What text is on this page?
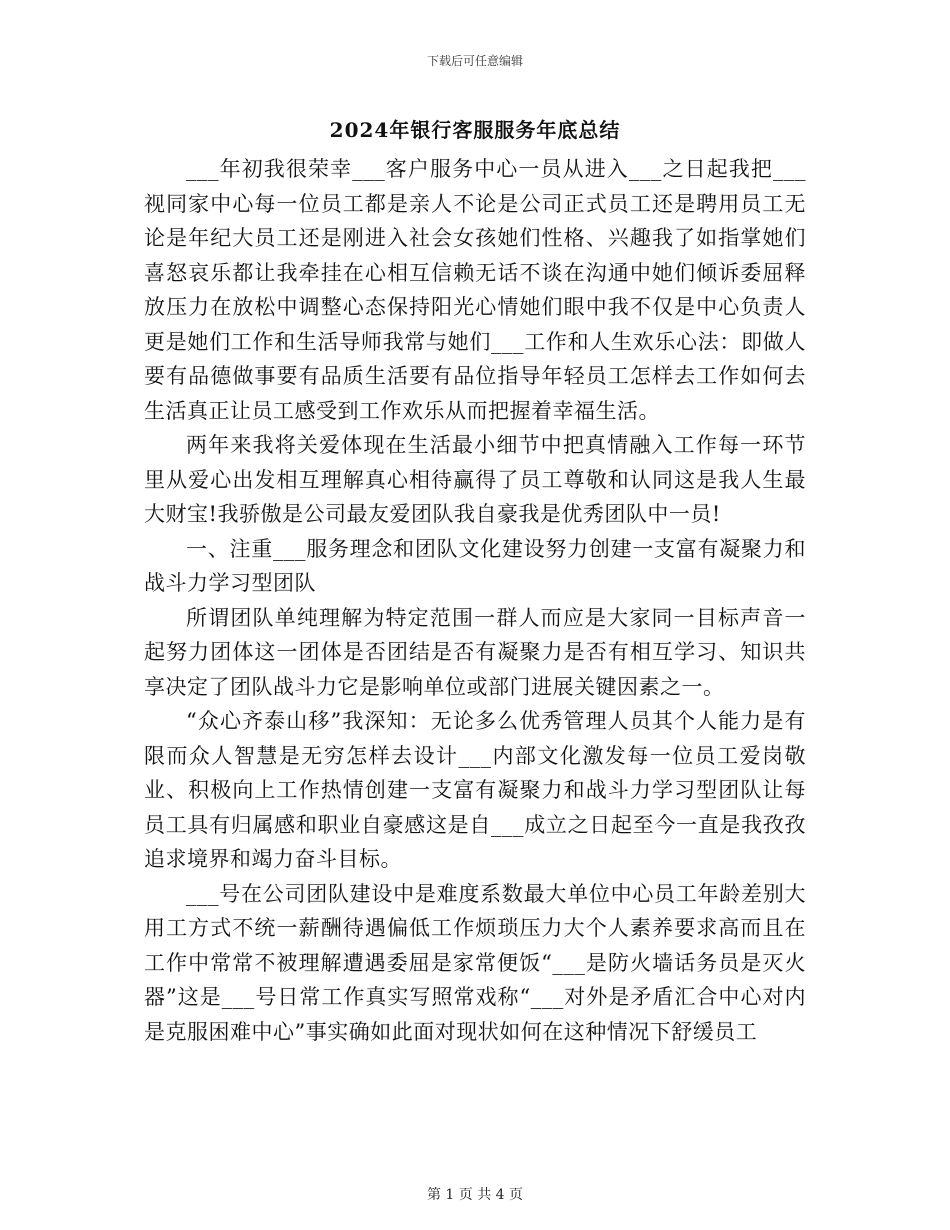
下载后可任意编辑
2024年银行客服服务年底总结

___年初我很荣幸___客户服务中心一员从进入___之日起我把___视同家中心每一位员工都是亲人不论是公司正式员工还是聘用员工无论是年纪大员工还是刚进入社会女孩她们性格、兴趣我了如指掌她们喜怒哀乐都让我牵挂在心相互信赖无话不谈在沟通中她们倾诉委屈释放压力在放松中调整心态保持阳光心情她们眼中我不仅是中心负责人更是她们工作和生活导师我常与她们___工作和人生欢乐心法：即做人要有品德做事要有品质生活要有品位指导年轻员工怎样去工作如何去生活真正让员工感受到工作欢乐从而把握着幸福生活。

两年来我将关爱体现在生活最小细节中把真情融入工作每一环节里从爱心出发相互理解真心相待赢得了员工尊敬和认同这是我人生最大财宝!我骄傲是公司最友爱团队我自豪我是优秀团队中一员!

一、注重___服务理念和团队文化建设努力创建一支富有凝聚力和战斗力学习型团队

所谓团队单纯理解为特定范围一群人而应是大家同一目标声音一起努力团体这一团体是否团结是否有凝聚力是否有相互学习、知识共享决定了团队战斗力它是影响单位或部门进展关键因素之一。

“众心齐泰山移”我深知：无论多么优秀管理人员其个人能力是有限而众人智慧是无穷怎样去设计___内部文化激发每一位员工爱岗敬业、积极向上工作热情创建一支富有凝聚力和战斗力学习型团队让每员工具有归属感和职业自豪感这是自___成立之日起至今一直是我孜孜追求境界和竭力奋斗目标。

___号在公司团队建设中是难度系数最大单位中心员工年龄差别大用工方式不统一薪酬待遇偏低工作烦琐压力大个人素养要求高而且在工作中常常不被理解遭遇委屈是家常便饭“___是防火墙话务员是灭火器”这是___号日常工作真实写照常戏称“___对外是矛盾汇合中心对内是克服困难中心”事实确如此面对现状如何在这种情况下舒缓员工

第 1 页 共 4 页
